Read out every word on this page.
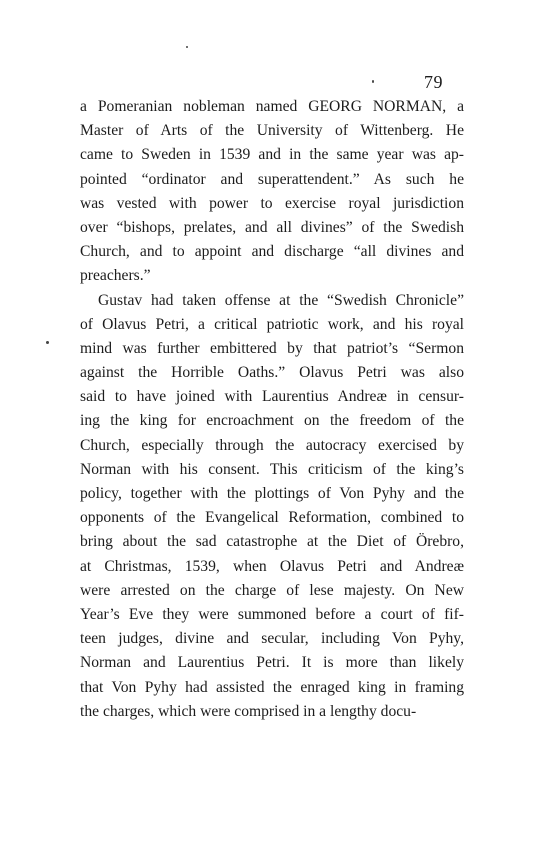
79
a Pomeranian nobleman named GEORG NORMAN, a
Master of Arts of the University of Wittenberg. He
came to Sweden in 1539 and in the same year was ap-
pointed “ordinator and superattendent.” As such he
was vested with power to exercise royal jurisdiction
over “bishops, prelates, and all divines” of the Swedish
Church, and to appoint and discharge “all divines and
preachers.”
Gustav had taken offense at the “Swedish Chronicle”
of Olavus Petri, a critical patriotic work, and his royal
mind was further embittered by that patriot’s “Sermon
against the Horrible Oaths.” Olavus Petri was also
said to have joined with Laurentius Andreæ in censur-
ing the king for encroachment on the freedom of the
Church, especially through the autocracy exercised by
Norman with his consent. This criticism of the king’s
policy, together with the plottings of Von Pyhy and the
opponents of the Evangelical Reformation, combined to
bring about the sad catastrophe at the Diet of Örebro,
at Christmas, 1539, when Olavus Petri and Andreæ
were arrested on the charge of lese majesty. On New
Year’s Eve they were summoned before a court of fif-
teen judges, divine and secular, including Von Pyhy,
Norman and Laurentius Petri. It is more than likely
that Von Pyhy had assisted the enraged king in framing
the charges, which were comprised in a lengthy docu-
